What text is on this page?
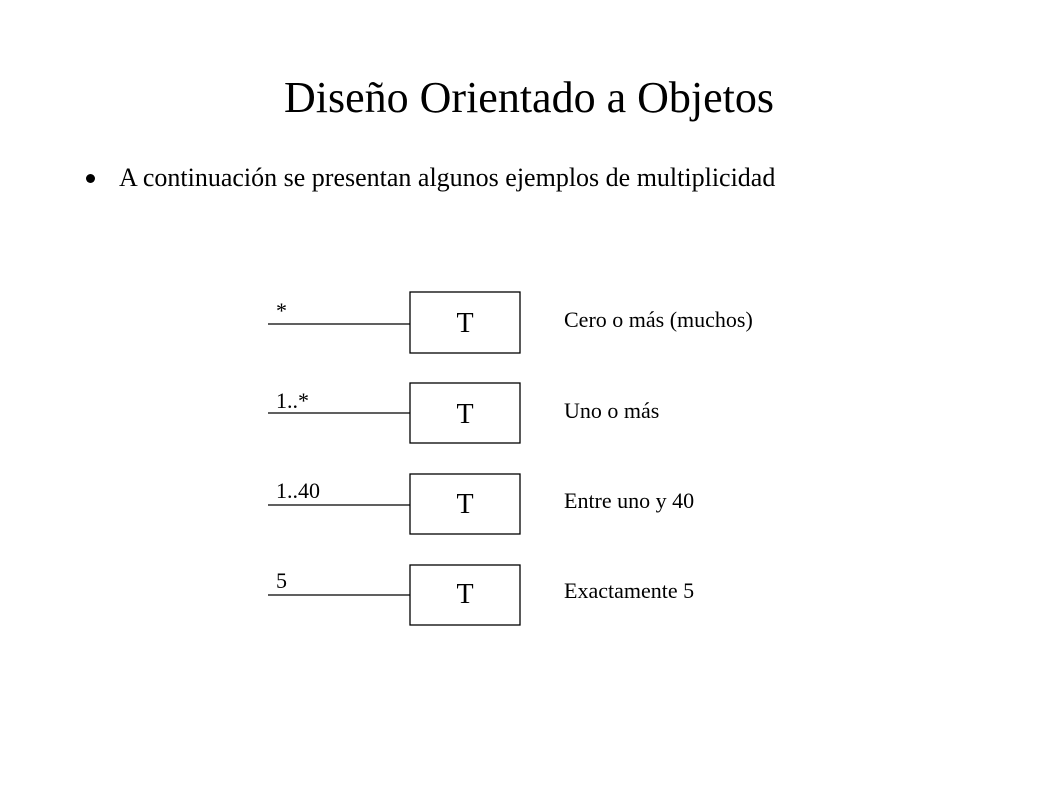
Diseño Orientado a Objetos
A continuación se presentan algunos ejemplos de multiplicidad
*	T	Cero o más (muchos)
1..*	T	Uno o más
1..40	T	Entre uno y 40
5	T	Exactamente 5
